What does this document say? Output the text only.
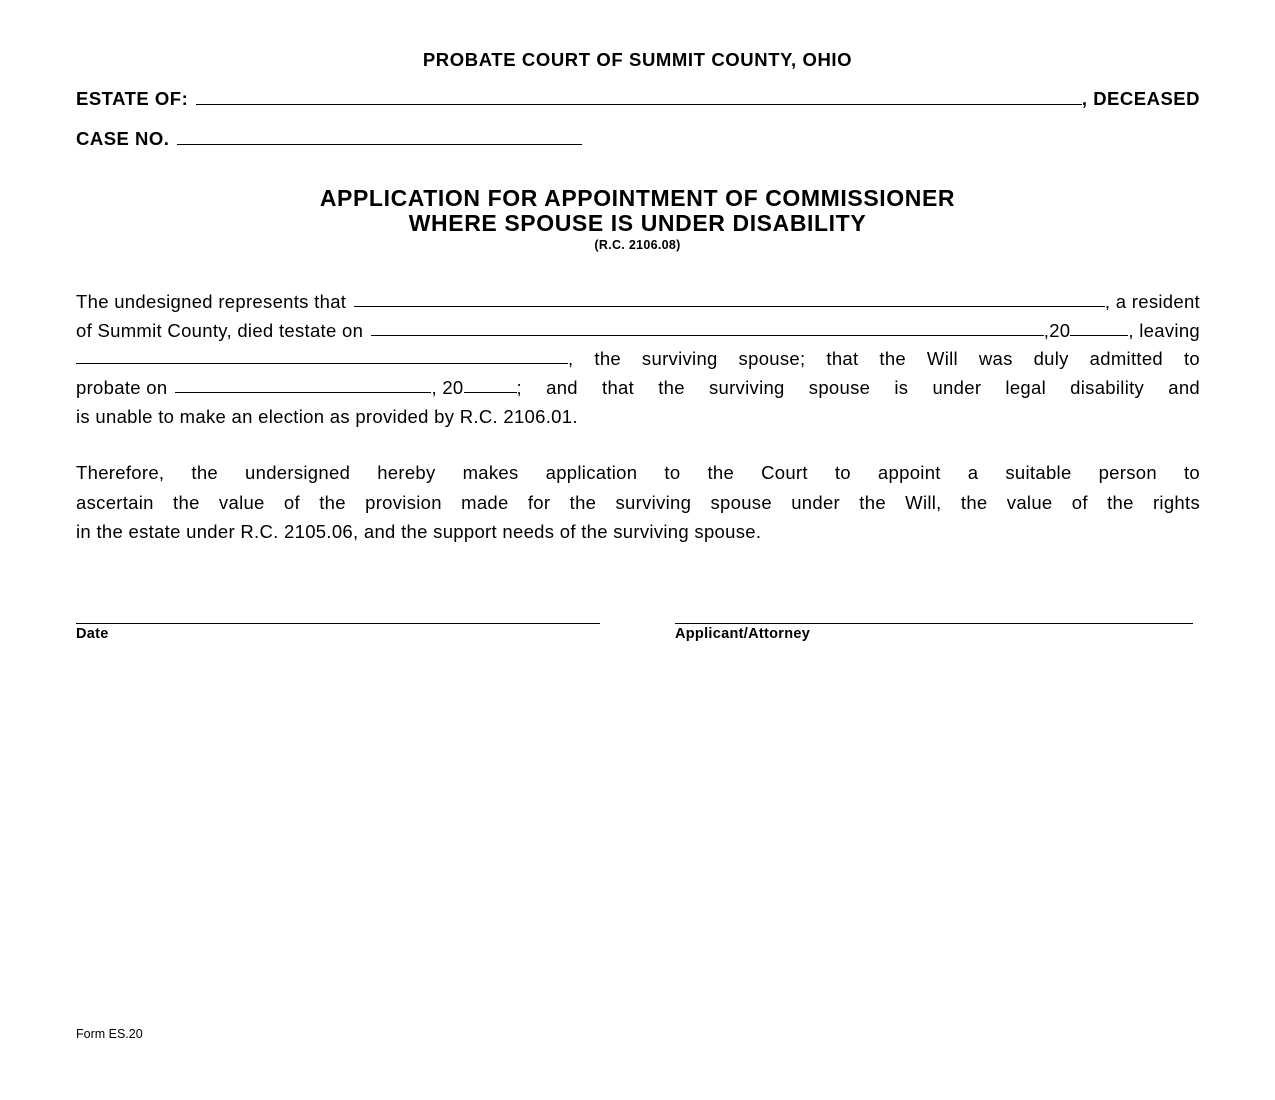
PROBATE COURT OF SUMMIT COUNTY, OHIO
ESTATE OF:	, DECEASED
CASE NO.
APPLICATION FOR APPOINTMENT OF COMMISSIONER
WHERE SPOUSE IS UNDER DISABILITY
(R.C. 2106.08)
The undesigned represents that	, a resident
of Summit County, died testate on	,20	, leaving
, the surviving spouse; that the Will was duly admitted to
probate on	, 20	; and that the surviving spouse is under legal disability and
is unable to make an election as provided by R.C. 2106.01.
Therefore, the undersigned hereby makes application to the Court to appoint a suitable person to
ascertain the value of the provision made for the surviving spouse under the Will, the value of the rights
in the estate under R.C. 2105.06, and the support needs of the surviving spouse.
Date	Applicant/Attorney
Form ES.20
